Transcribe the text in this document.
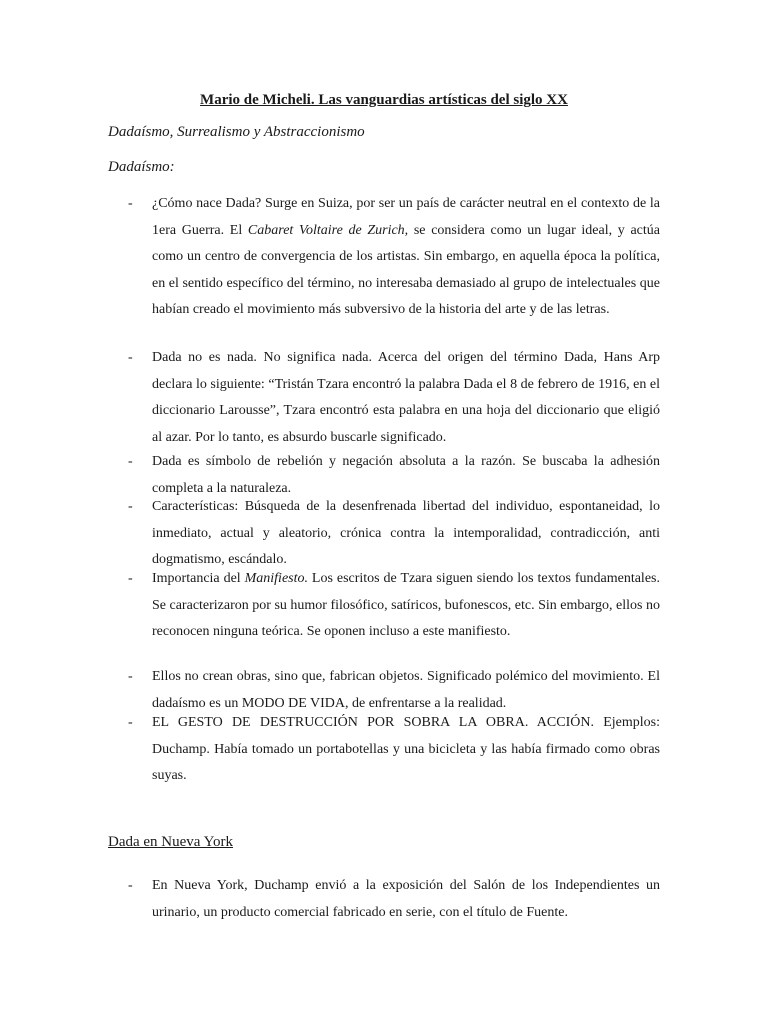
Mario de Micheli. Las vanguardias artísticas del siglo XX

Dadaísmo, Surrealismo y Abstraccionismo

Dadaísmo:

- ¿Cómo nace Dada? Surge en Suiza, por ser un país de carácter neutral en el contexto de la 1era Guerra. El Cabaret Voltaire de Zurich, se considera como un lugar ideal, y actúa como un centro de convergencia de los artistas. Sin embargo, en aquella época la política, en el sentido específico del término, no interesaba demasiado al grupo de intelectuales que habían creado el movimiento más subversivo de la historia del arte y de las letras.
- Dada no es nada. No significa nada. Acerca del origen del término Dada, Hans Arp declara lo siguiente: “Tristán Tzara encontró la palabra Dada el 8 de febrero de 1916, en el diccionario Larousse”, Tzara encontró esta palabra en una hoja del diccionario que eligió al azar. Por lo tanto, es absurdo buscarle significado.
- Dada es símbolo de rebelión y negación absoluta a la razón. Se buscaba la adhesión completa a la naturaleza.
- Características: Búsqueda de la desenfrenada libertad del individuo, espontaneidad, lo inmediato, actual y aleatorio, crónica contra la intemporalidad, contradicción, anti dogmatismo, escándalo.
- Importancia del Manifiesto. Los escritos de Tzara siguen siendo los textos fundamentales. Se caracterizaron por su humor filosófico, satíricos, bufonescos, etc. Sin embargo, ellos no reconocen ninguna teórica. Se oponen incluso a este manifiesto.
- Ellos no crean obras, sino que, fabrican objetos. Significado polémico del movimiento. El dadaísmo es un MODO DE VIDA, de enfrentarse a la realidad.
- EL GESTO DE DESTRUCCIÓN POR SOBRA LA OBRA. ACCIÓN. Ejemplos: Duchamp. Había tomado un portabotellas y una bicicleta y las había firmado como obras suyas.

Dada en Nueva York

- En Nueva York, Duchamp envió a la exposición del Salón de los Independientes un urinario, un producto comercial fabricado en serie, con el título de Fuente.
